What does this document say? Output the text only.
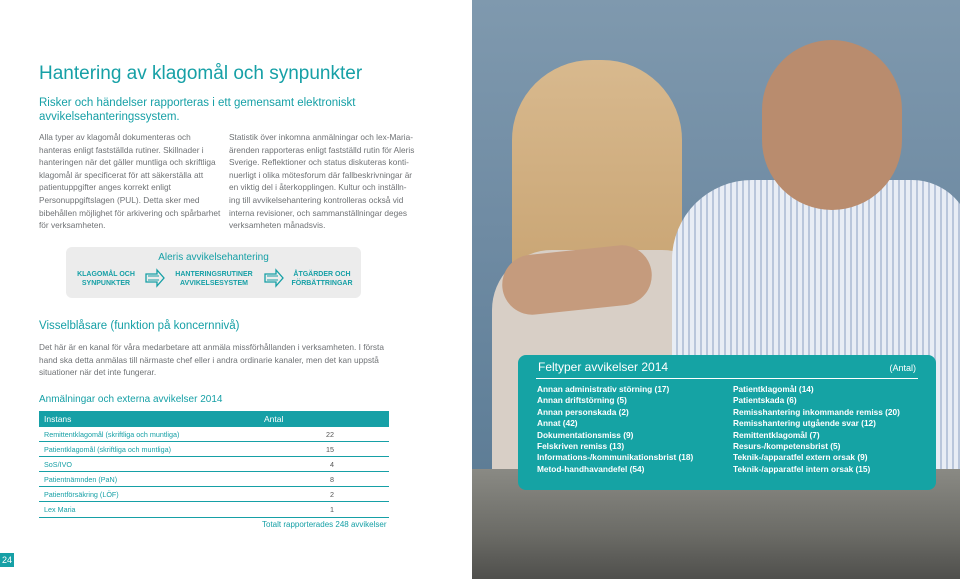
Hantering av klagomål och synpunkter
Risker och händelser rapporteras i ett gemensamt elektroniskt avvikelsehanteringssystem.
Alla typer av klagomål dokumenteras och hanteras enligt fastställda rutiner. Skillnader i hanteringen när det gäller muntliga och skriftliga klagomål är specificerat för att säkerställa att patientuppgifter anges korrekt enligt Personuppgiftslagen (PUL). Detta sker med bibehållen möjlighet för arkivering och spårbarhet för verksamheten.
Statistik över inkomna anmälningar och lex-Maria-ärenden rapporteras enligt fastställd rutin för Aleris Sverige. Reflektioner och status diskuteras konti-nuerligt i olika mötesforum där fallbeskrivningar är en viktig del i återkopplingen. Kultur och inställn-ing till avvikelsehantering kontrolleras också vid interna revisioner, och sammanställningar deges verksamheten månadsvis.
Aleris avvikelsehantering
KLAGOMÅL OCH
SYNPUNKTER
HANTERINGSRUTINER
AVVIKELSESYSTEM
ÅTGÄRDER OCH
FÖRBÄTTRINGAR
Visselblåsare (funktion på koncernnivå)
Det här är en kanal för våra medarbetare att anmäla missförhållanden i verksamheten. I första hand ska detta anmälas till närmaste chef eller i andra ordinarie kanaler, men det kan uppstå situationer när det inte fungerar.
Anmälningar och externa avvikelser 2014
Instans	Antal
Remittentklagomål (skriftliga och muntliga)	22
Patientklagomål (skriftliga och muntliga)	15
SoS/IVO	4
Patientnämnden (PaN)	8
Patientförsäkring (LÖF)	2
Lex Maria	1
Totalt rapporterades 248 avvikelser
Feltyper avvikelser 2014	(Antal)
Annan administrativ störning (17)
Annan driftstörning (5)
Annan personskada (2)
Annat (42)
Dokumentationsmiss (9)
Felskriven remiss (13)
Informations-/kommunikationsbrist (18)
Metod-handhavandefel (54)
Patientklagomål (14)
Patientskada (6)
Remisshantering inkommande remiss (20)
Remisshantering utgående svar (12)
Remittentklagomål (7)
Resurs-/kompetensbrist (5)
Teknik-/apparatfel extern orsak (9)
Teknik-/apparatfel intern orsak (15)
24
